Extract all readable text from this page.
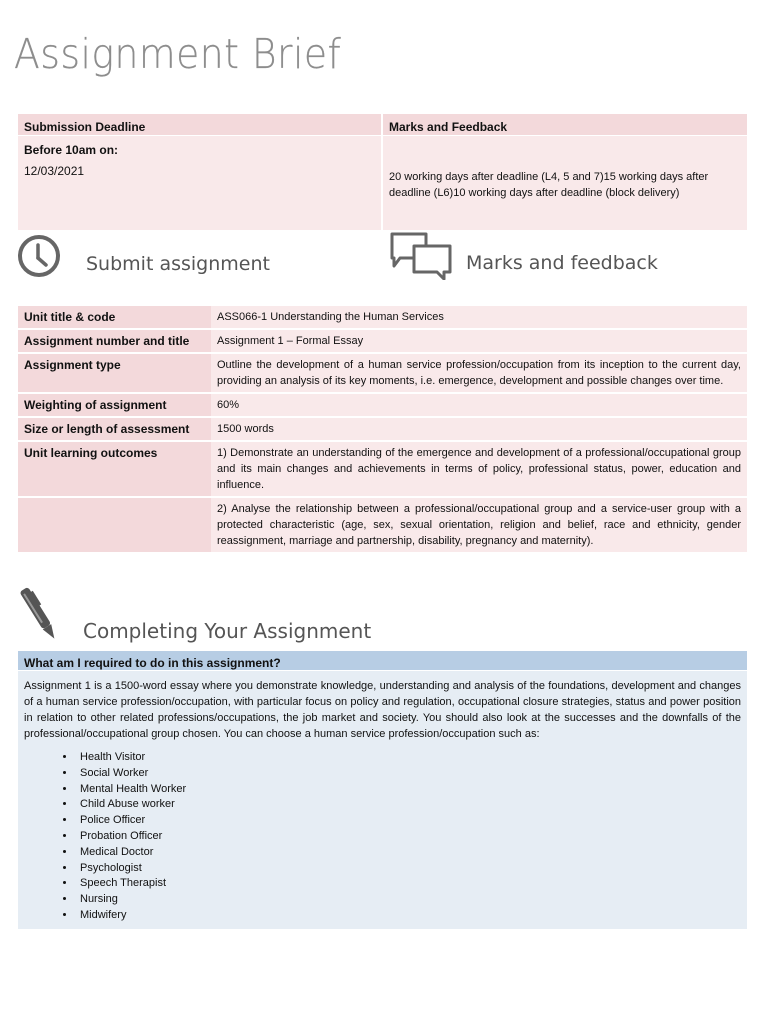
Assignment Brief
Submission Deadline	Marks and Feedback
Before 10am on:
12/03/2021	20 working days after deadline (L4, 5 and 7)15 working days after deadline (L6)10 working days after deadline (block delivery)
Submit assignment	Marks and feedback
Unit title & code	ASS066-1 Understanding the Human Services
Assignment number and title	Assignment 1 – Formal Essay
Assignment type	Outline the development of a human service profession/occupation from its inception to the current day, providing an analysis of its key moments, i.e. emergence, development and possible changes over time.
Weighting of assignment	60%
Size or length of assessment	1500 words
Unit learning outcomes	1) Demonstrate an understanding of the emergence and development of a professional/occupational group and its main changes and achievements in terms of policy, professional status, power, education and influence.
	2) Analyse the relationship between a professional/occupational group and a service-user group with a protected characteristic (age, sex, sexual orientation, religion and belief, race and ethnicity, gender reassignment, marriage and partnership, disability, pregnancy and maternity).
Completing Your Assignment
What am I required to do in this assignment?
Assignment 1 is a 1500-word essay where you demonstrate knowledge, understanding and analysis of the foundations, development and changes of a human service profession/occupation, with particular focus on policy and regulation, occupational closure strategies, status and power position in relation to other related professions/occupations, the job market and society. You should also look at the successes and the downfalls of the professional/occupational group chosen. You can choose a human service profession/occupation such as:
• Health Visitor
• Social Worker
• Mental Health Worker
• Child Abuse worker
• Police Officer
• Probation Officer
• Medical Doctor
• Psychologist
• Speech Therapist
• Nursing
• Midwifery
